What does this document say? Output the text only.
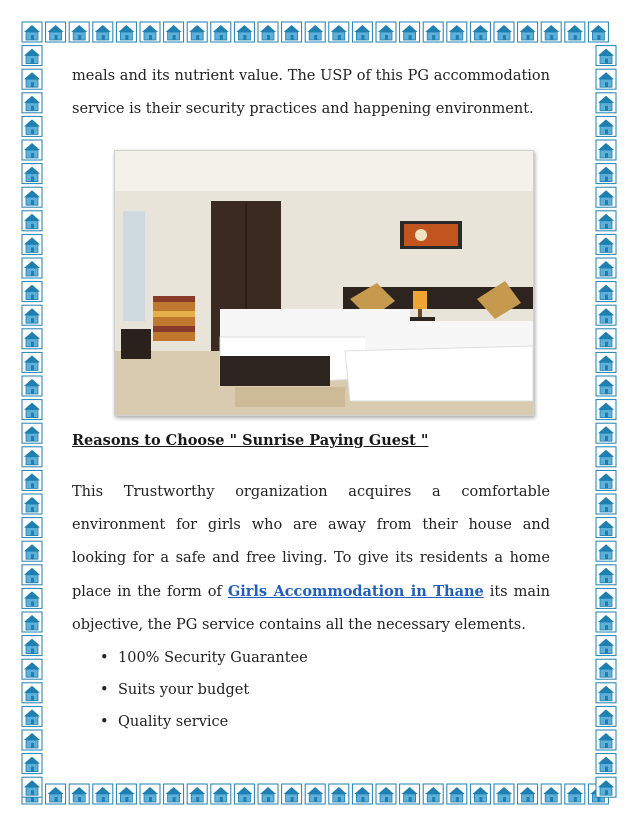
meals and its nutrient value. The USP of this PG accommodation service is their security practices and happening environment.

Reasons to Choose " Sunrise Paying Guest "

This Trustworthy organization acquires a comfortable environment for girls who are away from their house and looking for a safe and free living. To give its residents a home place in the form of Girls Accommodation in Thane its main objective, the PG service contains all the necessary elements.

• 100% Security Guarantee
• Suits your budget
• Quality service
